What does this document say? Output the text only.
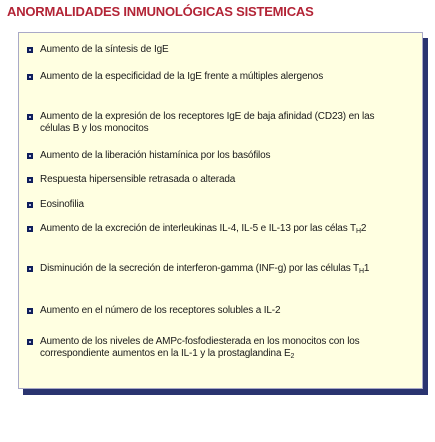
ANORMALIDADES INMUNOLÓGICAS SISTEMICAS
Aumento de la síntesis de IgE
Aumento de la especificidad de la IgE frente a múltiples alergenos
Aumento de la expresión de los receptores IgE de baja afinidad (CD23) en las células B y los monocitos
Aumento de la liberación histamínica por los basófilos
Respuesta hipersensible retrasada o alterada
Eosinofilia
Aumento de la excreción de interleukinas IL-4, IL-5 e IL-13 por las célas $T_H2$
Disminución de la secreción de interferon-gamma (INF-g) por las células $T_H1$
Aumento en el número de los receptores solubles a IL-2
Aumento de los niveles de AMPc-fosfodiesterada en los monocitos con los correspondiente aumentos en la IL-1 y la prostaglandina $E_2$
